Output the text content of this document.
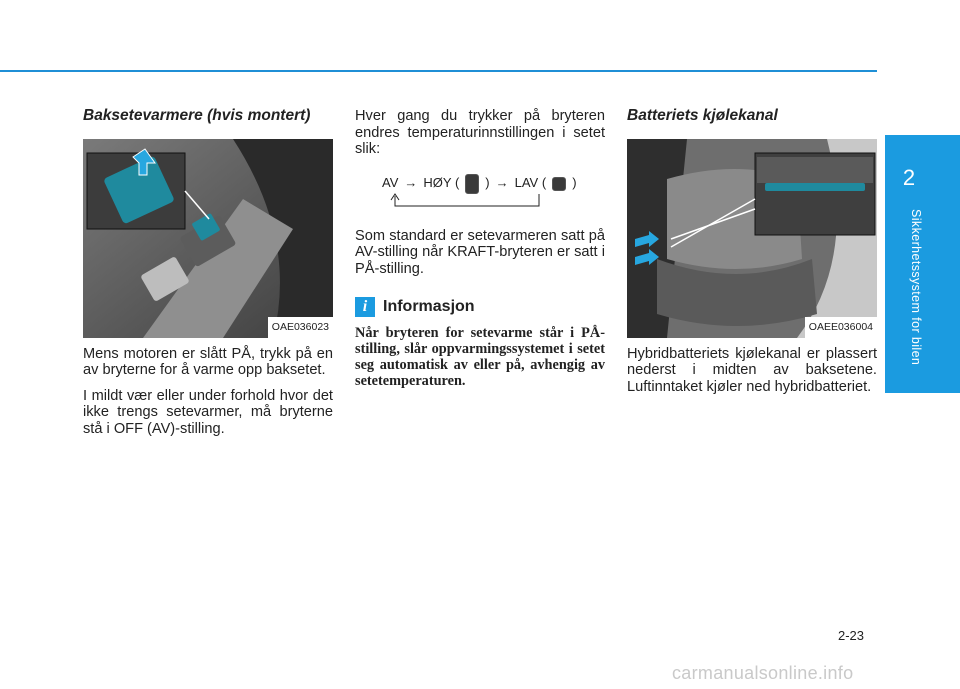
2
Sikkerhetssystem for bilen
Baksetevarmere (hvis montert)
OAE036023

Mens motoren er slått PÅ, trykk på en av bryterne for å varme opp baksetet.

I mildt vær eller under forhold hvor det ikke trengs setevarmer, må bryterne stå i OFF (AV)-stilling.

Hver gang du trykker på bryteren endres temperaturinnstillingen i setet slik:

AV → HØY ( ) → LAV ( )

Som standard er setevarmeren satt på AV-stilling når KRAFT-bryteren er satt i PÅ-stilling.

i Informasjon
Når bryteren for setevarme står i PÅ-stilling, slår oppvarmingssystemet i setet seg automatisk av eller på, avhengig av setetemperaturen.
Batteriets kjølekanal
OAEE036004

Hybridbatteriets kjølekanal er plassert nederst i midten av baksetene. Luftinntaket kjøler ned hybridbatteriet.

2-23
carmanualsonline.info
